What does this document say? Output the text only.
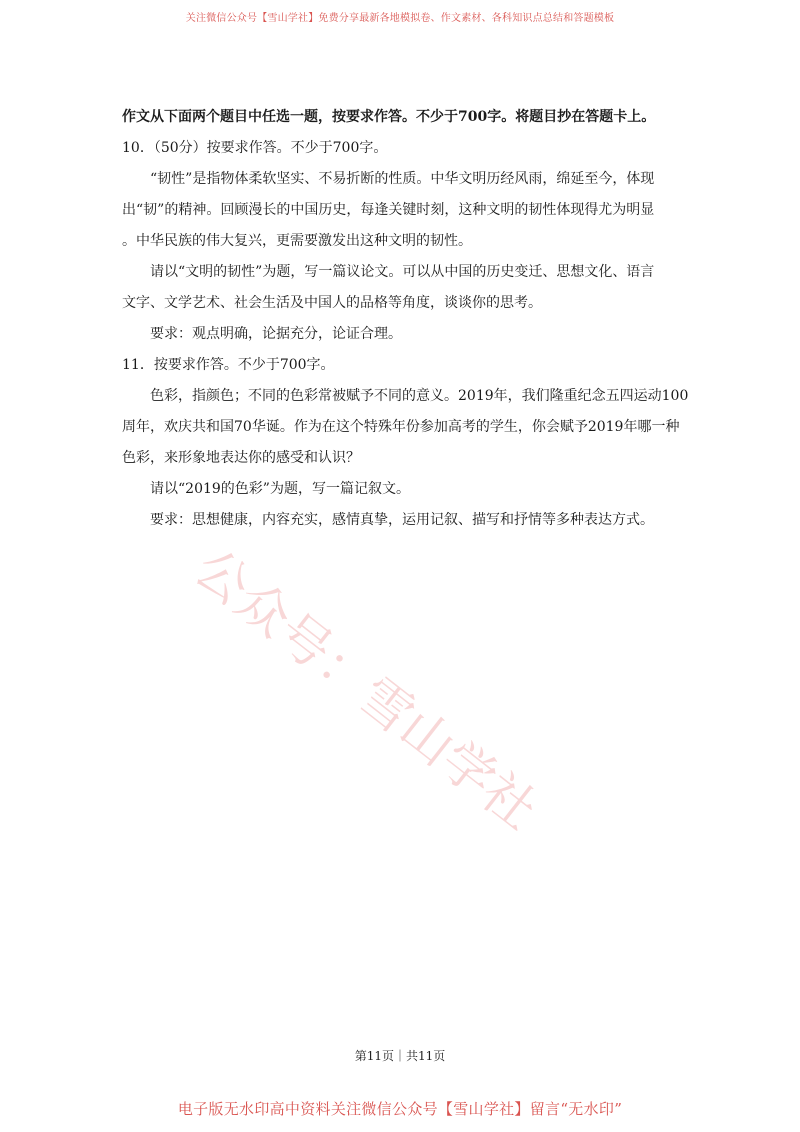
关注微信公众号【雪山学社】免费分享最新各地模拟卷、作文素材、各科知识点总结和答题模板

作文从下面两个题目中任选一题，按要求作答。不少于700字。将题目抄在答题卡上。

10．（50分）按要求作答。不少于700字。

“韧性”是指物体柔软坚实、不易折断的性质。中华文明历经风雨，绵延至今，体现

出“韧”的精神。回顾漫长的中国历史，每逢关键时刻，这种文明的韧性体现得尤为明显

。中华民族的伟大复兴，更需要激发出这种文明的韧性。

请以“文明的韧性”为题，写一篇议论文。可以从中国的历史变迁、思想文化、语言

文字、文学艺术、社会生活及中国人的品格等角度，谈谈你的思考。

要求：观点明确，论据充分，论证合理。

11．按要求作答。不少于700字。

色彩，指颜色；不同的色彩常被赋予不同的意义。2019年，我们隆重纪念五四运动100

周年，欢庆共和国70华诞。作为在这个特殊年份参加高考的学生，你会赋予2019年哪一种

色彩，来形象地表达你的感受和认识？

请以“2019的色彩”为题，写一篇记叙文。

要求：思想健康，内容充实，感情真挚，运用记叙、描写和抒情等多种表达方式。

公众号：雪山学社
第11页｜共11页
电子版无水印高中资料关注微信公众号【雪山学社】留言“无水印”
